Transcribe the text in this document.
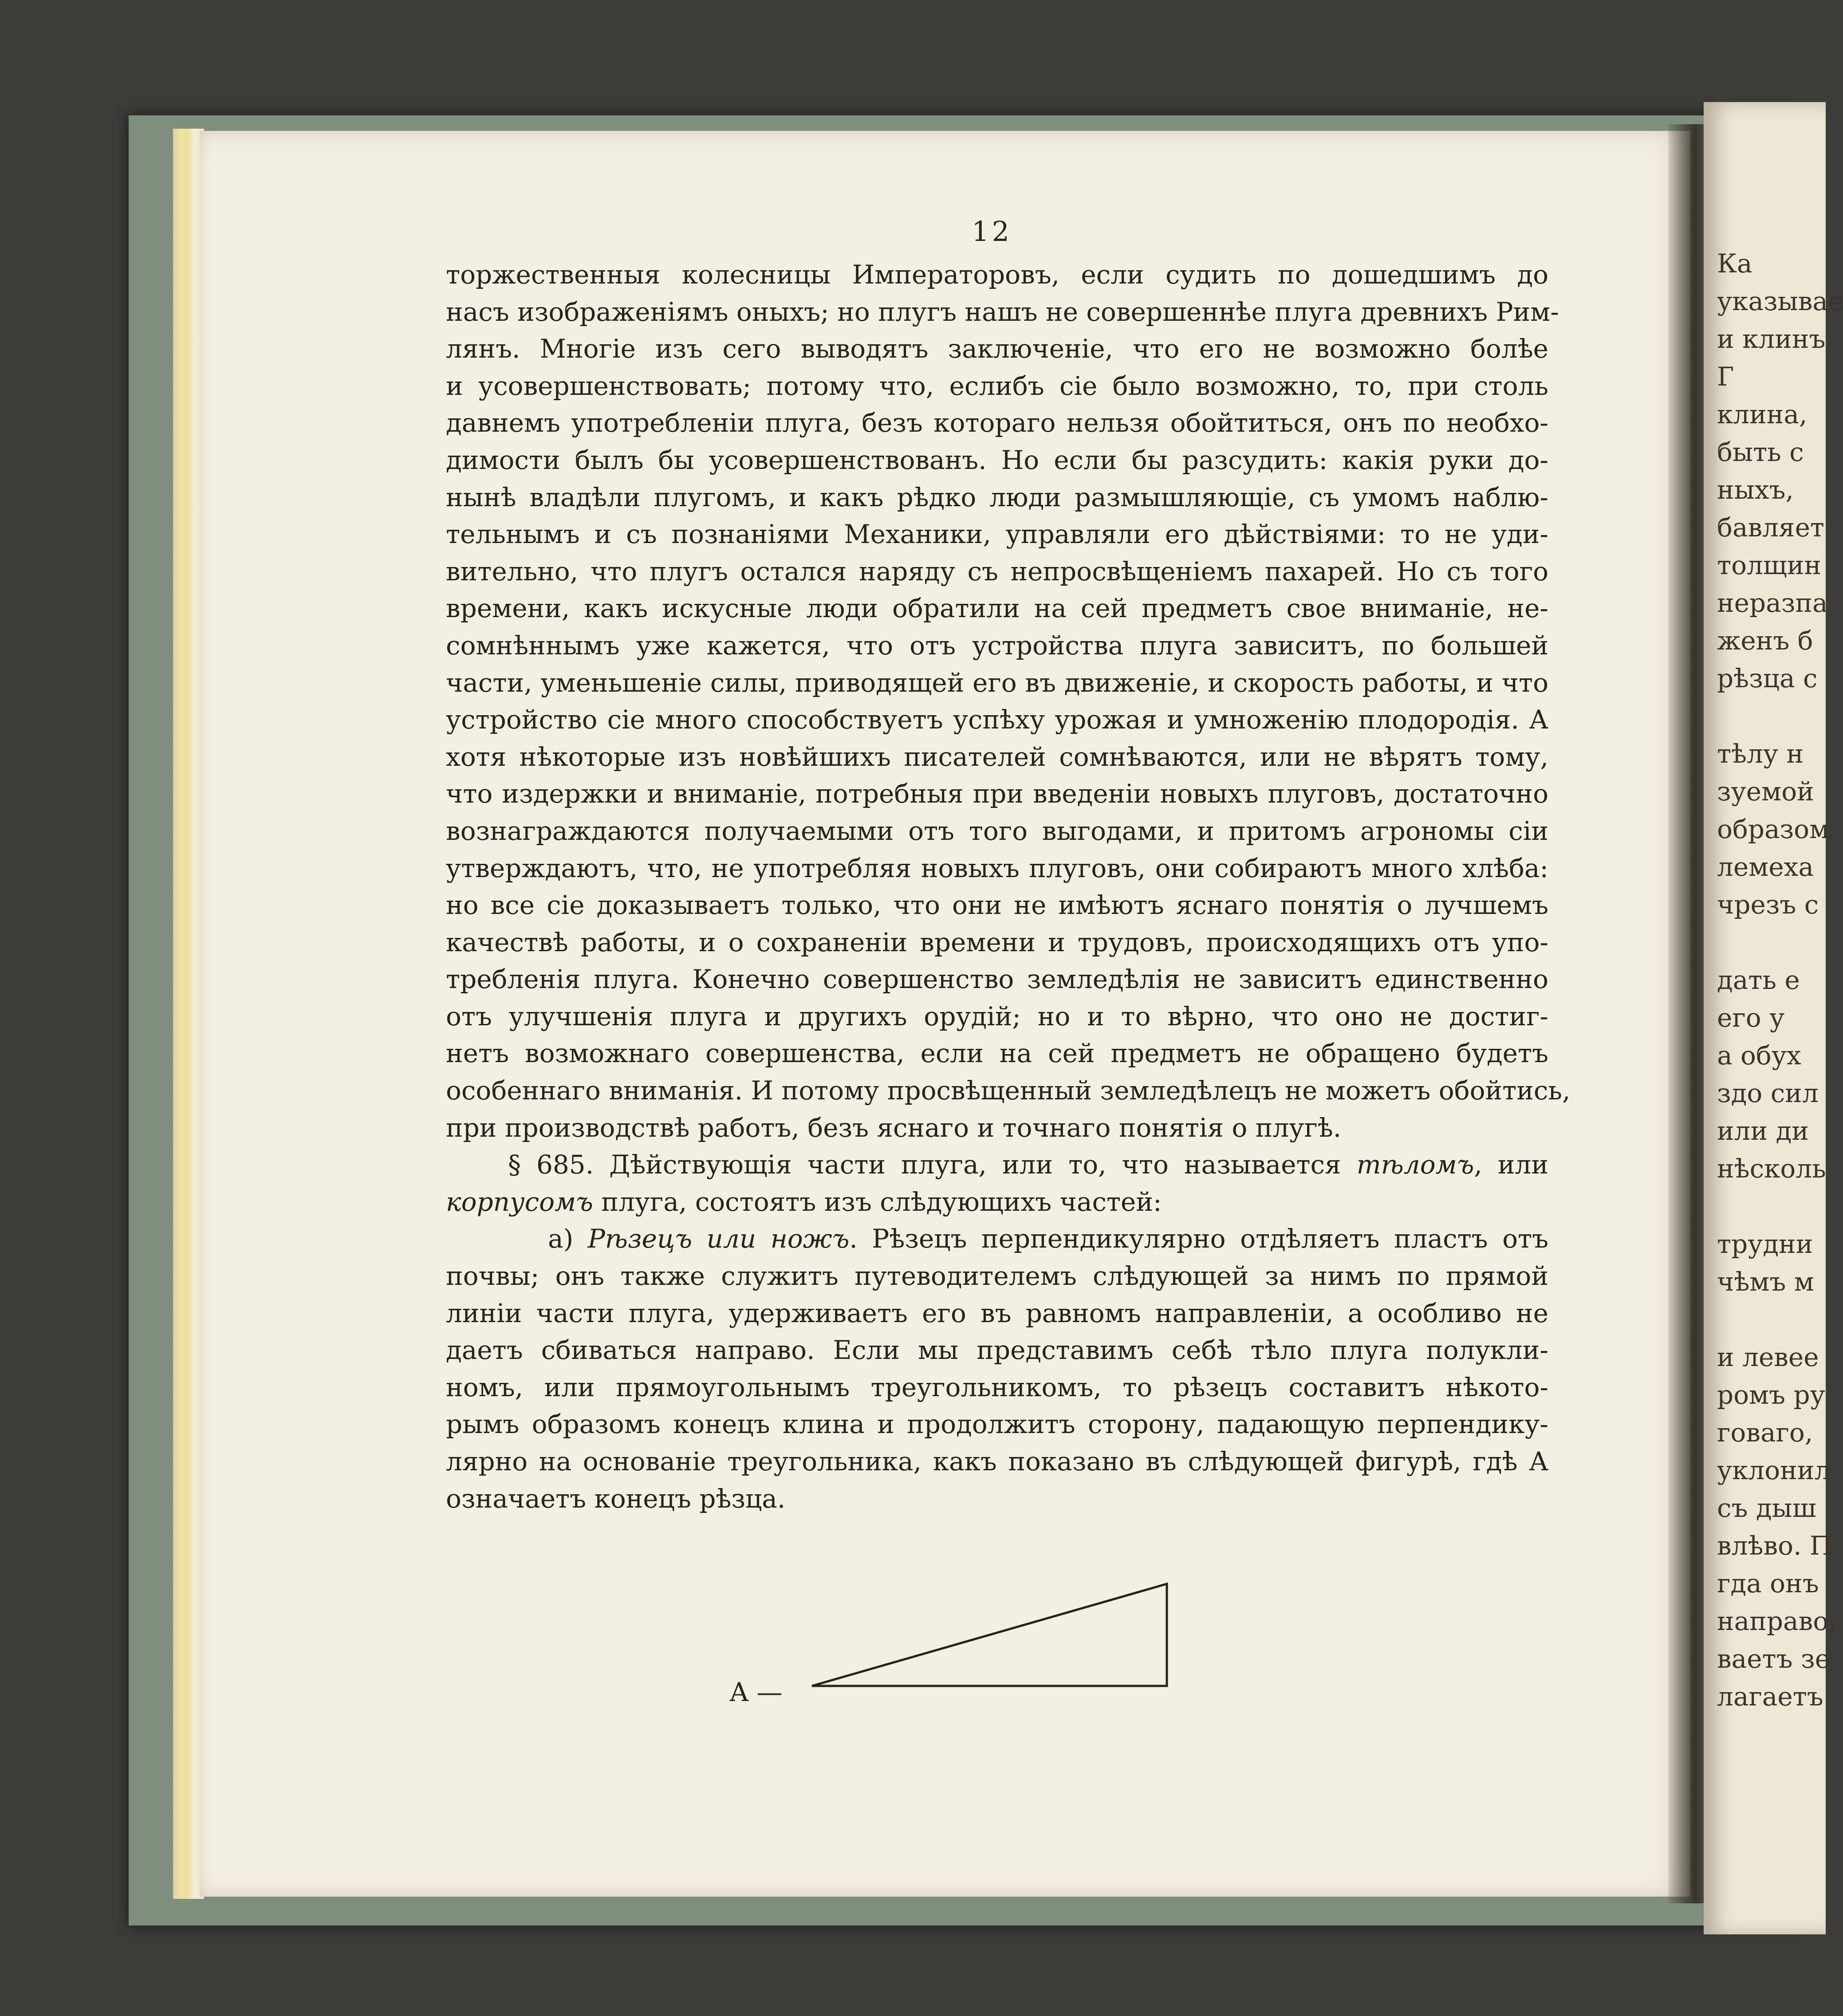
12
торжественныя колесницы Императоровъ, если судить по дошедшимъ до
насъ изображеніямъ оныхъ; но плугъ нашъ не совершеннѣе плуга древнихъ Рим-
лянъ. Многіе изъ сего выводятъ заключеніе, что его не возможно болѣе
и усовершенствовать; потому что, еслибъ сіе было возможно, то, при столь
давнемъ употребленіи плуга, безъ котораго нельзя обойтиться, онъ по необхо-
димости былъ бы усовершенствованъ. Но если бы разсудить: какія руки до-
нынѣ владѣли плугомъ, и какъ рѣдко люди размышляющіе, съ умомъ наблю-
тельнымъ и съ познаніями Механики, управляли его дѣйствіями: то не уди-
вительно, что плугъ остался наряду съ непросвѣщеніемъ пахарей. Но съ того
времени, какъ искусные люди обратили на сей предметъ свое вниманіе, не-
сомнѣннымъ уже кажется, что отъ устройства плуга зависитъ, по большей
части, уменьшеніе силы, приводящей его въ движеніе, и скорость работы, и что
устройство сіе много способствуетъ успѣху урожая и умноженію плодородія. А
хотя нѣкоторые изъ новѣйшихъ писателей сомнѣваются, или не вѣрятъ тому,
что издержки и вниманіе, потребныя при введеніи новыхъ плуговъ, достаточно
вознаграждаются получаемыми отъ того выгодами, и притомъ агрономы сіи
утверждаютъ, что, не употребляя новыхъ плуговъ, они собираютъ много хлѣба:
но все сіе доказываетъ только, что они не имѣютъ яснаго понятія о лучшемъ
качествѣ работы, и о сохраненіи времени и трудовъ, происходящихъ отъ упо-
требленія плуга. Конечно совершенство земледѣлія не зависитъ единственно
отъ улучшенія плуга и другихъ орудій; но и то вѣрно, что оно не достиг-
нетъ возможнаго совершенства, если на сей предметъ не обращено будетъ
особеннаго вниманія. И потому просвѣщенный земледѣлецъ не можетъ обойтись,
при производствѣ работъ, безъ яснаго и точнаго понятія о плугѣ.
§ 685. Дѣйствующія части плуга, или то, что называется тѣломъ, или
корпусомъ плуга, состоятъ изъ слѣдующихъ частей:
a) Рѣзецъ или ножъ. Рѣзецъ перпендикулярно отдѣляетъ пластъ отъ
почвы; онъ также служитъ путеводителемъ слѣдующей за нимъ по прямой
линіи части плуга, удерживаетъ его въ равномъ направленіи, а особливо не
даетъ сбиваться направо. Если мы представимъ себѣ тѣло плуга полукли-
номъ, или прямоугольнымъ треугольникомъ, то рѣзецъ составитъ нѣкото-
рымъ образомъ конецъ клина и продолжитъ сторону, падающую перпендику-
лярно на основаніе треугольника, какъ показано въ слѣдующей фигурѣ, гдѣ А
означаетъ конецъ рѣзца.
A —
Ка
указывае
и клинъ
Г
клина,
быть с
ныхъ,
бавляет
толщин
неразпа
женъ б
рѣзца с
тѣлу н
зуемой
образом
лемеха
чрезъ с
дать е
его у
а обух
здо сил
или ди
нѣсколь
трудни
чѣмъ м
и левее
ромъ ру
говаго,
уклонил
съ дыш
влѣво. П
гда онъ
направо,
ваетъ зе
лагаетъ
